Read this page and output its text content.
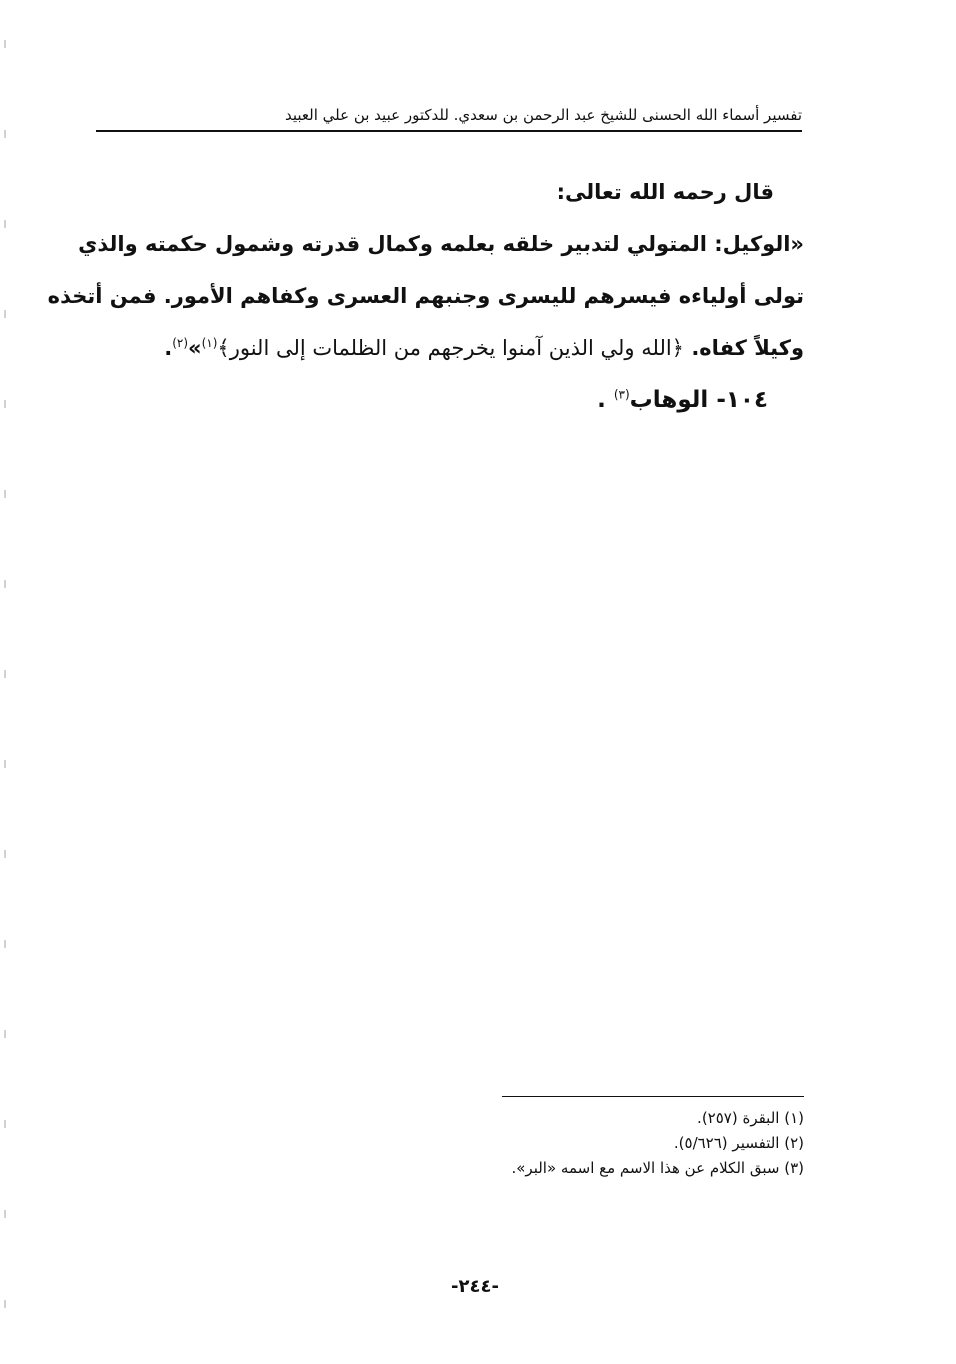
تفسير أسماء الله الحسنى للشيخ عبد الرحمن بن سعدي. للدكتور عبيد بن علي العبيد
قال رحمه الله تعالى:
«الوكيل: المتولي لتدبير خلقه بعلمه وكمال قدرته وشمول حكمته والذي
تولى أولياءه فيسرهم لليسرى وجنبهم العسرى وكفاهم الأمور. فمن أتخذه
وكيلاً كفاه. ﴿الله ولي الذين آمنوا يخرجهم من الظلمات إلى النور﴾$^{(١)}$»$^{(٢)}$.
١٠٤- الوهاب$^{(٣)}$ .
(١) البقرة (٢٥٧).
(٢) التفسير (٥/٦٢٦).
(٣) سبق الكلام عن هذا الاسم مع اسمه «البر».
-٢٤٤-
